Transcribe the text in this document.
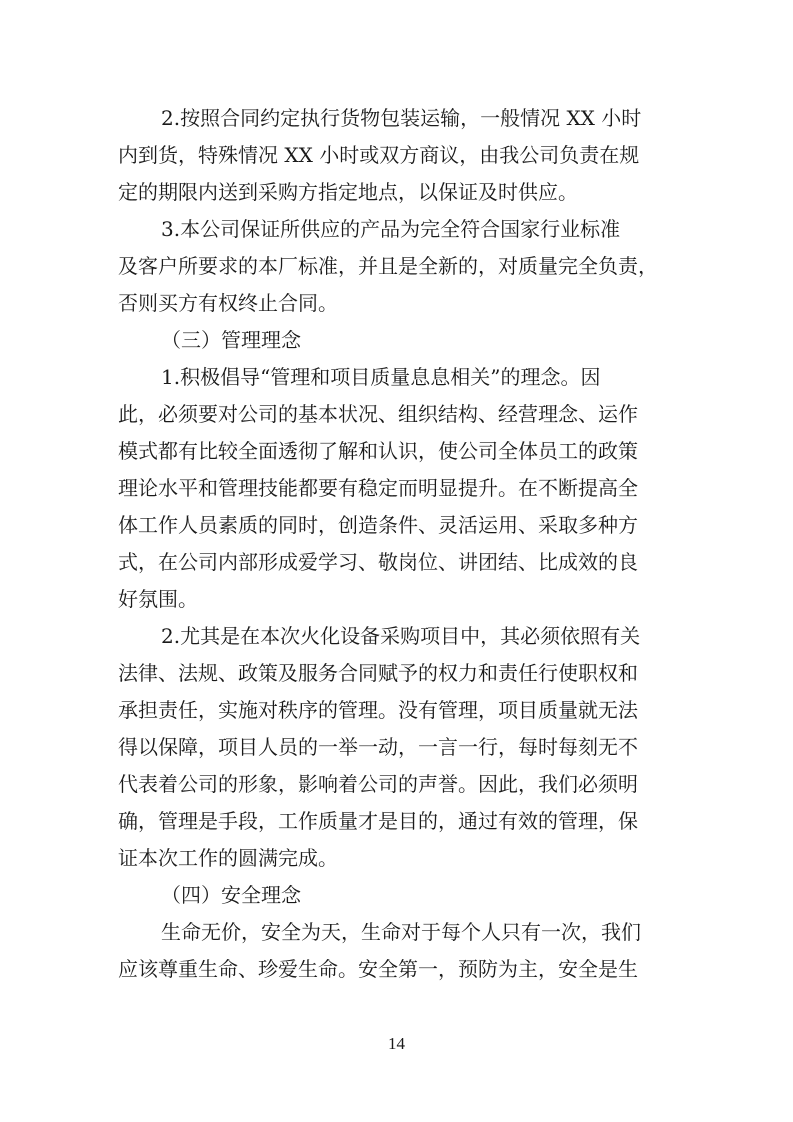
2.按照合同约定执行货物包装运输，一般情况 XX 小时
内到货，特殊情况 XX 小时或双方商议，由我公司负责在规
定的期限内送到采购方指定地点，以保证及时供应。
3.本公司保证所供应的产品为完全符合国家行业标准
及客户所要求的本厂标准，并且是全新的，对质量完全负责，
否则买方有权终止合同。
（三）管理理念
1.积极倡导“管理和项目质量息息相关”的理念。因
此，必须要对公司的基本状况、组织结构、经营理念、运作
模式都有比较全面透彻了解和认识，使公司全体员工的政策
理论水平和管理技能都要有稳定而明显提升。在不断提高全
体工作人员素质的同时，创造条件、灵活运用、采取多种方
式，在公司内部形成爱学习、敬岗位、讲团结、比成效的良
好氛围。
2.尤其是在本次火化设备采购项目中，其必须依照有关
法律、法规、政策及服务合同赋予的权力和责任行使职权和
承担责任，实施对秩序的管理。没有管理，项目质量就无法
得以保障，项目人员的一举一动，一言一行，每时每刻无不
代表着公司的形象，影响着公司的声誉。因此，我们必须明
确，管理是手段，工作质量才是目的，通过有效的管理，保
证本次工作的圆满完成。
（四）安全理念
生命无价，安全为天，生命对于每个人只有一次，我们
应该尊重生命、珍爱生命。安全第一，预防为主，安全是生
14
